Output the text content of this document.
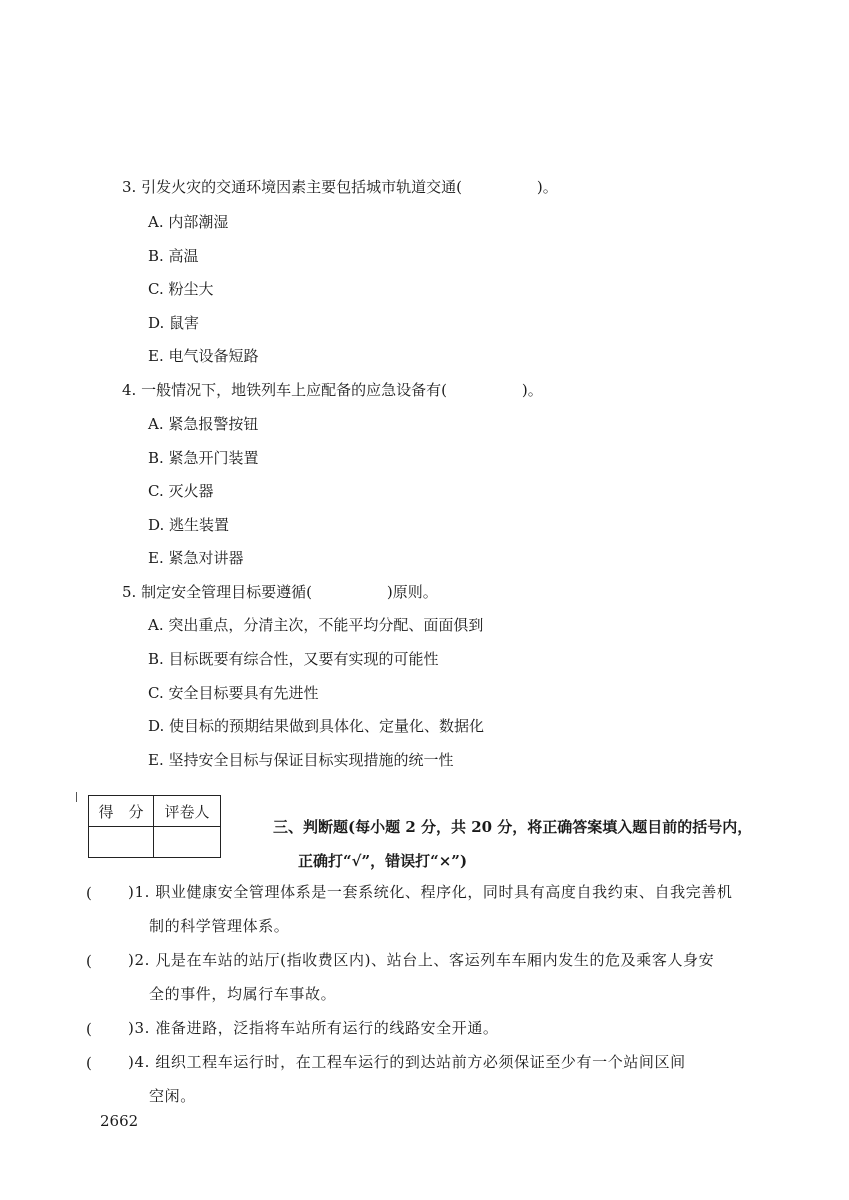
3. 引发火灾的交通环境因素主要包括城市轨道交通(　　　　　)。
A. 内部潮湿
B. 高温
C. 粉尘大
D. 鼠害
E. 电气设备短路
4. 一般情况下，地铁列车上应配备的应急设备有(　　　　　)。
A. 紧急报警按钮
B. 紧急开门装置
C. 灭火器
D. 逃生装置
E. 紧急对讲器
5. 制定安全管理目标要遵循(　　　　　)原则。
A. 突出重点，分清主次，不能平均分配、面面俱到
B. 目标既要有综合性，又要有实现的可能性
C. 安全目标要具有先进性
D. 使目标的预期结果做到具体化、定量化、数据化
E. 坚持安全目标与保证目标实现措施的统一性
得　分	评卷人

三、判断题(每小题 2 分，共 20 分，将正确答案填入题目前的括号内，
正确打“√”，错误打“×”)
(　　 )1. 职业健康安全管理体系是一套系统化、程序化，同时具有高度自我约束、自我完善机
制的科学管理体系。
(　　 )2. 凡是在车站的站厅(指收费区内)、站台上、客运列车车厢内发生的危及乘客人身安
全的事件，均属行车事故。
(　　 )3. 准备进路，泛指将车站所有运行的线路安全开通。
(　　 )4. 组织工程车运行时，在工程车运行的到达站前方必须保证至少有一个站间区间
空闲。
2662
